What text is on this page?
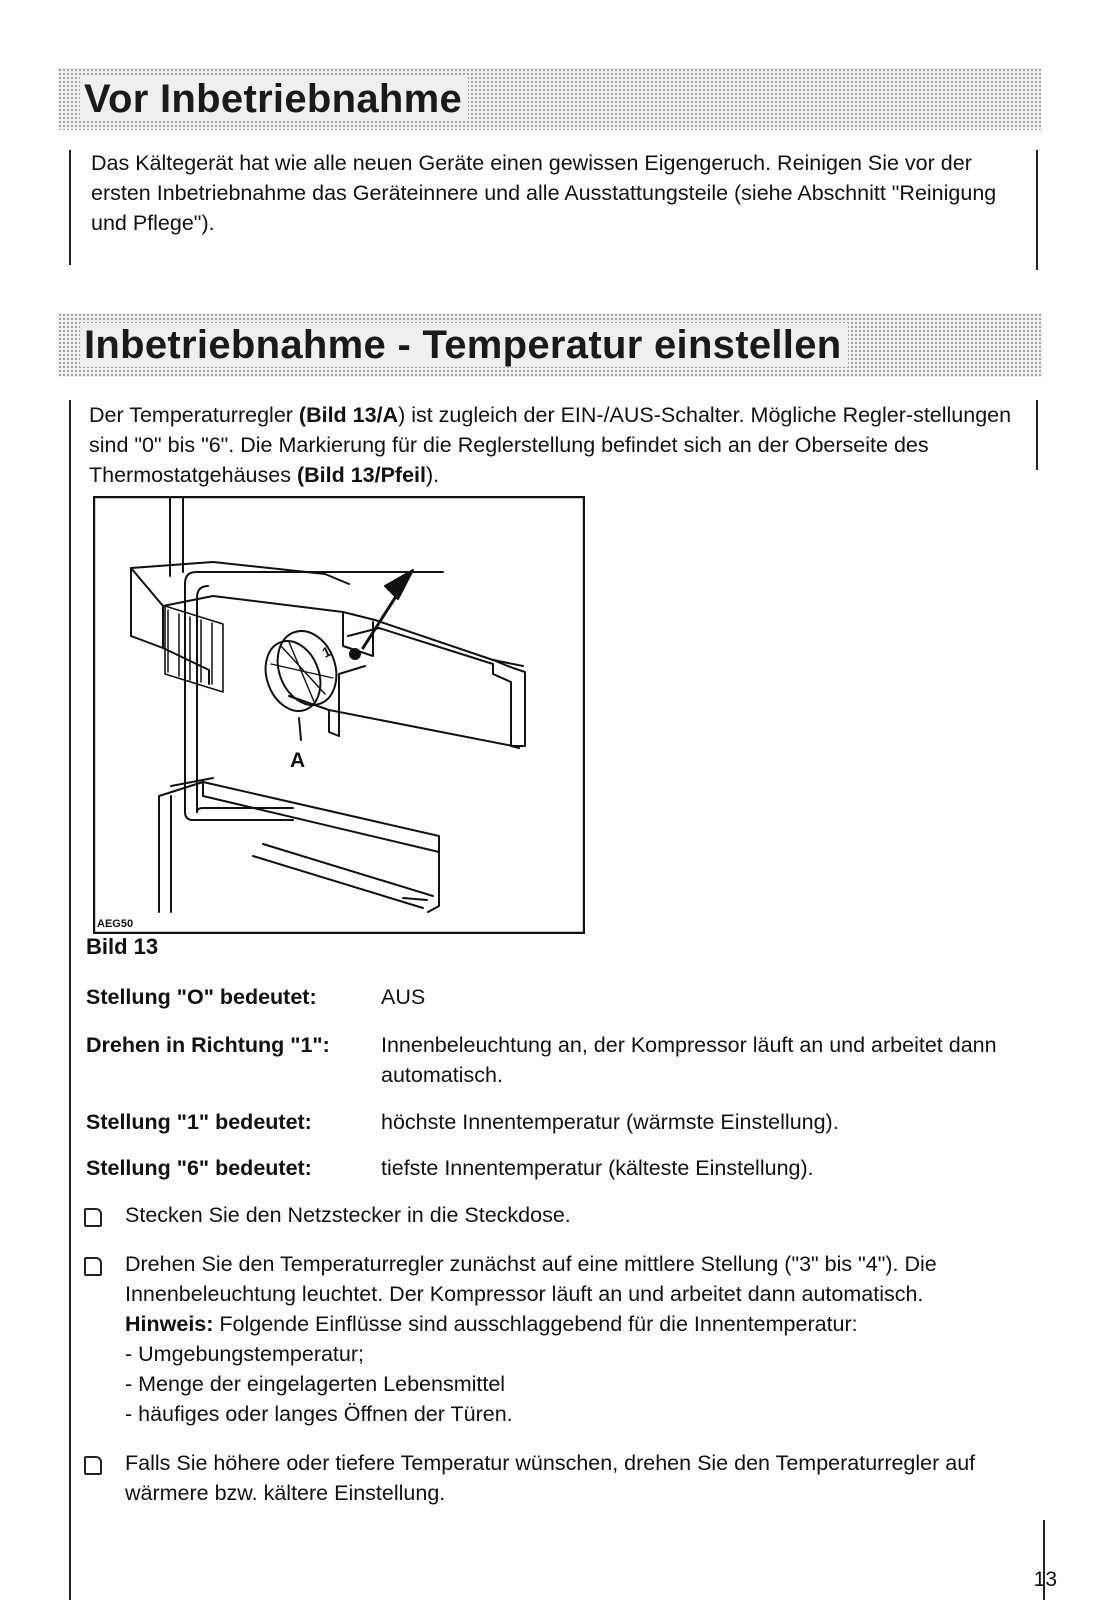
Vor Inbetriebnahme

Das Kältegerät hat wie alle neuen Geräte einen gewissen Eigengeruch. Reinigen Sie vor der ersten Inbetriebnahme das Geräteinnere und alle Ausstattungsteile (siehe Abschnitt "Reinigung und Pflege").

Inbetriebnahme - Temperatur einstellen

Der Temperaturregler (Bild 13/A) ist zugleich der EIN-/AUS-Schalter. Mögliche Regler-stellungen sind "0" bis "6". Die Markierung für die Reglerstellung befindet sich an der Oberseite des Thermostatgehäuses (Bild 13/Pfeil).

1
A
AEG50

Bild 13

Stellung "O" bedeutet:	AUS
Drehen in Richtung "1": Innenbeleuchtung an, der Kompressor läuft an und arbeitet dann automatisch.
Stellung "1" bedeutet:	höchste Innentemperatur (wärmste Einstellung).
Stellung "6" bedeutet:	tiefste Innentemperatur (kälteste Einstellung).
Stecken Sie den Netzstecker in die Steckdose.
Drehen Sie den Temperaturregler zunächst auf eine mittlere Stellung ("3" bis "4"). Die Innenbeleuchtung leuchtet. Der Kompressor läuft an und arbeitet dann automatisch.
Hinweis: Folgende Einflüsse sind ausschlaggebend für die Innentemperatur:
- Umgebungstemperatur;
- Menge der eingelagerten Lebensmittel
- häufiges oder langes Öffnen der Türen.
Falls Sie höhere oder tiefere Temperatur wünschen, drehen Sie den Temperaturregler auf wärmere bzw. kältere Einstellung.
13
